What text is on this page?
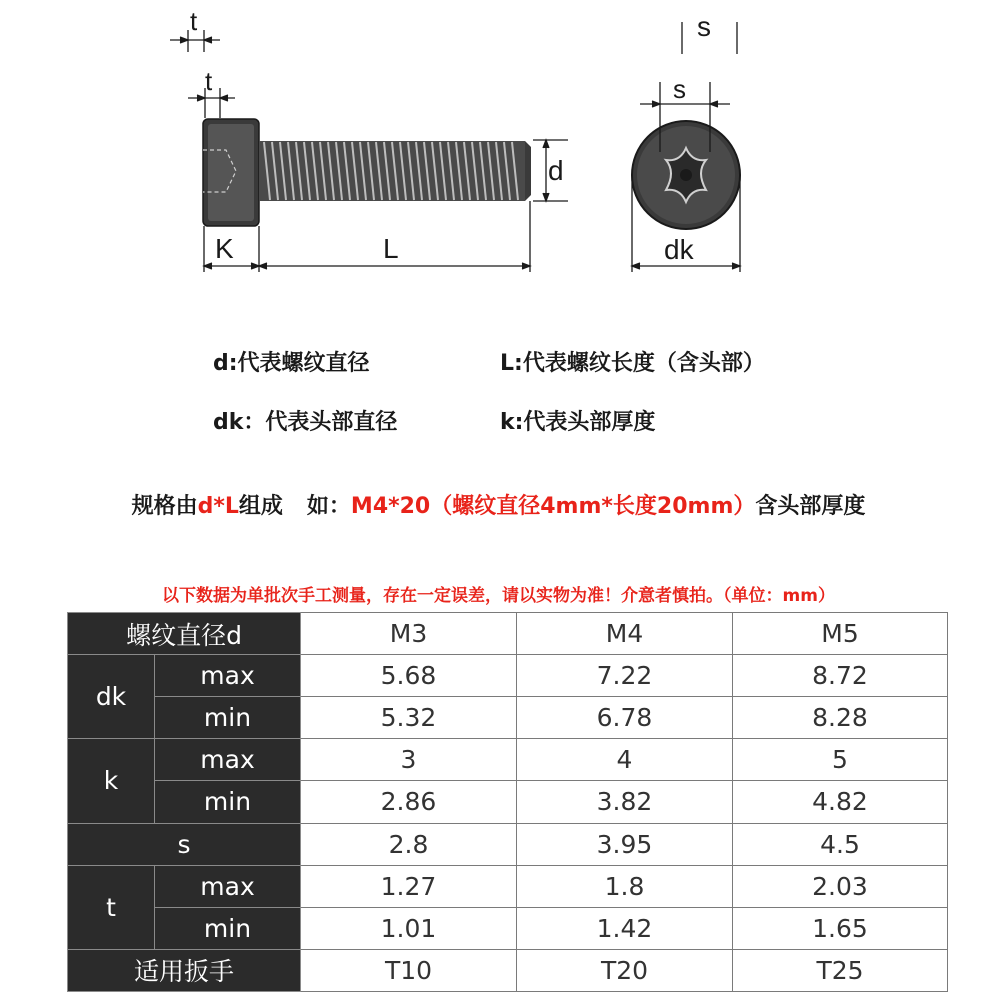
t
t
d
K	L
s
s
dk
d:代表螺纹直径	L:代表螺纹长度（含头部）
dk：代表头部直径	k:代表头部厚度
规格由d*L组成 如：M4*20（螺纹直径4mm*长度20mm）含头部厚度
以下数据为单批次手工测量，存在一定误差，请以实物为准！介意者慎拍。（单位：mm）
螺纹直径d		M3	M4	M5
dk	max	5.68	7.22	8.72
	min	5.32	6.78	8.28
k	max	3	4	5
	min	2.86	3.82	4.82
s		2.8	3.95	4.5
t	max	1.27	1.8	2.03
	min	1.01	1.42	1.65
适用扳手		T10	T20	T25
